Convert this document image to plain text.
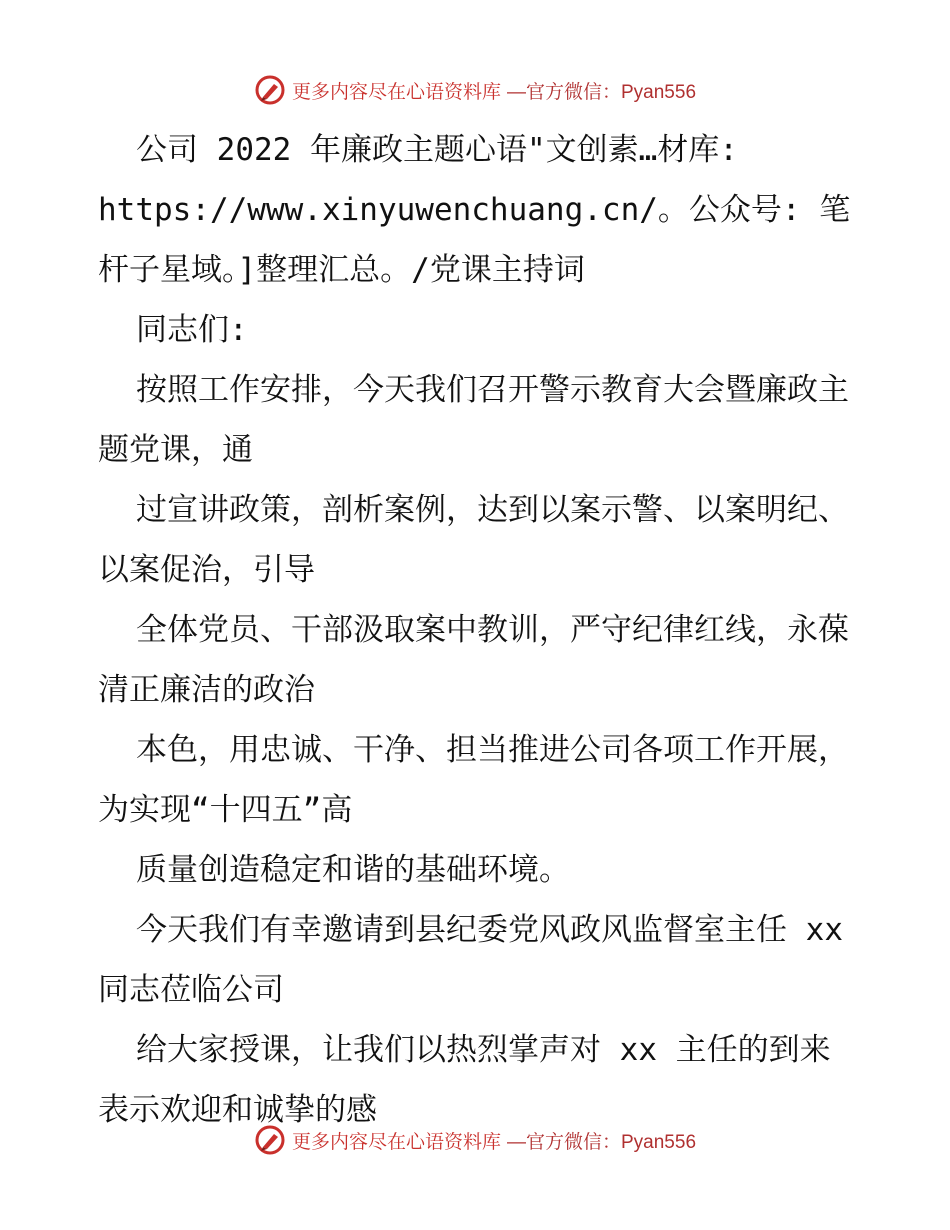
更多内容尽在心语资料库 —官方微信：Pyan556

公司 2022 年廉政主题心语"文创素…材库: https://www.xinyuwenchuang.cn/。公众号: 笔杆子星域。]整理汇总。/党课主持词

同志们:

按照工作安排，今天我们召开警示教育大会暨廉政主题党课，通

过宣讲政策，剖析案例，达到以案示警、以案明纪、以案促治，引导

全体党员、干部汲取案中教训，严守纪律红线，永葆清正廉洁的政治

本色，用忠诚、干净、担当推进公司各项工作开展，为实现“十四五”高

质量创造稳定和谐的基础环境。

今天我们有幸邀请到县纪委党风政风监督室主任 xx 同志莅临公司

给大家授课，让我们以热烈掌声对 xx 主任的到来表示欢迎和诚挚的感

更多内容尽在心语资料库 —官方微信：Pyan556
